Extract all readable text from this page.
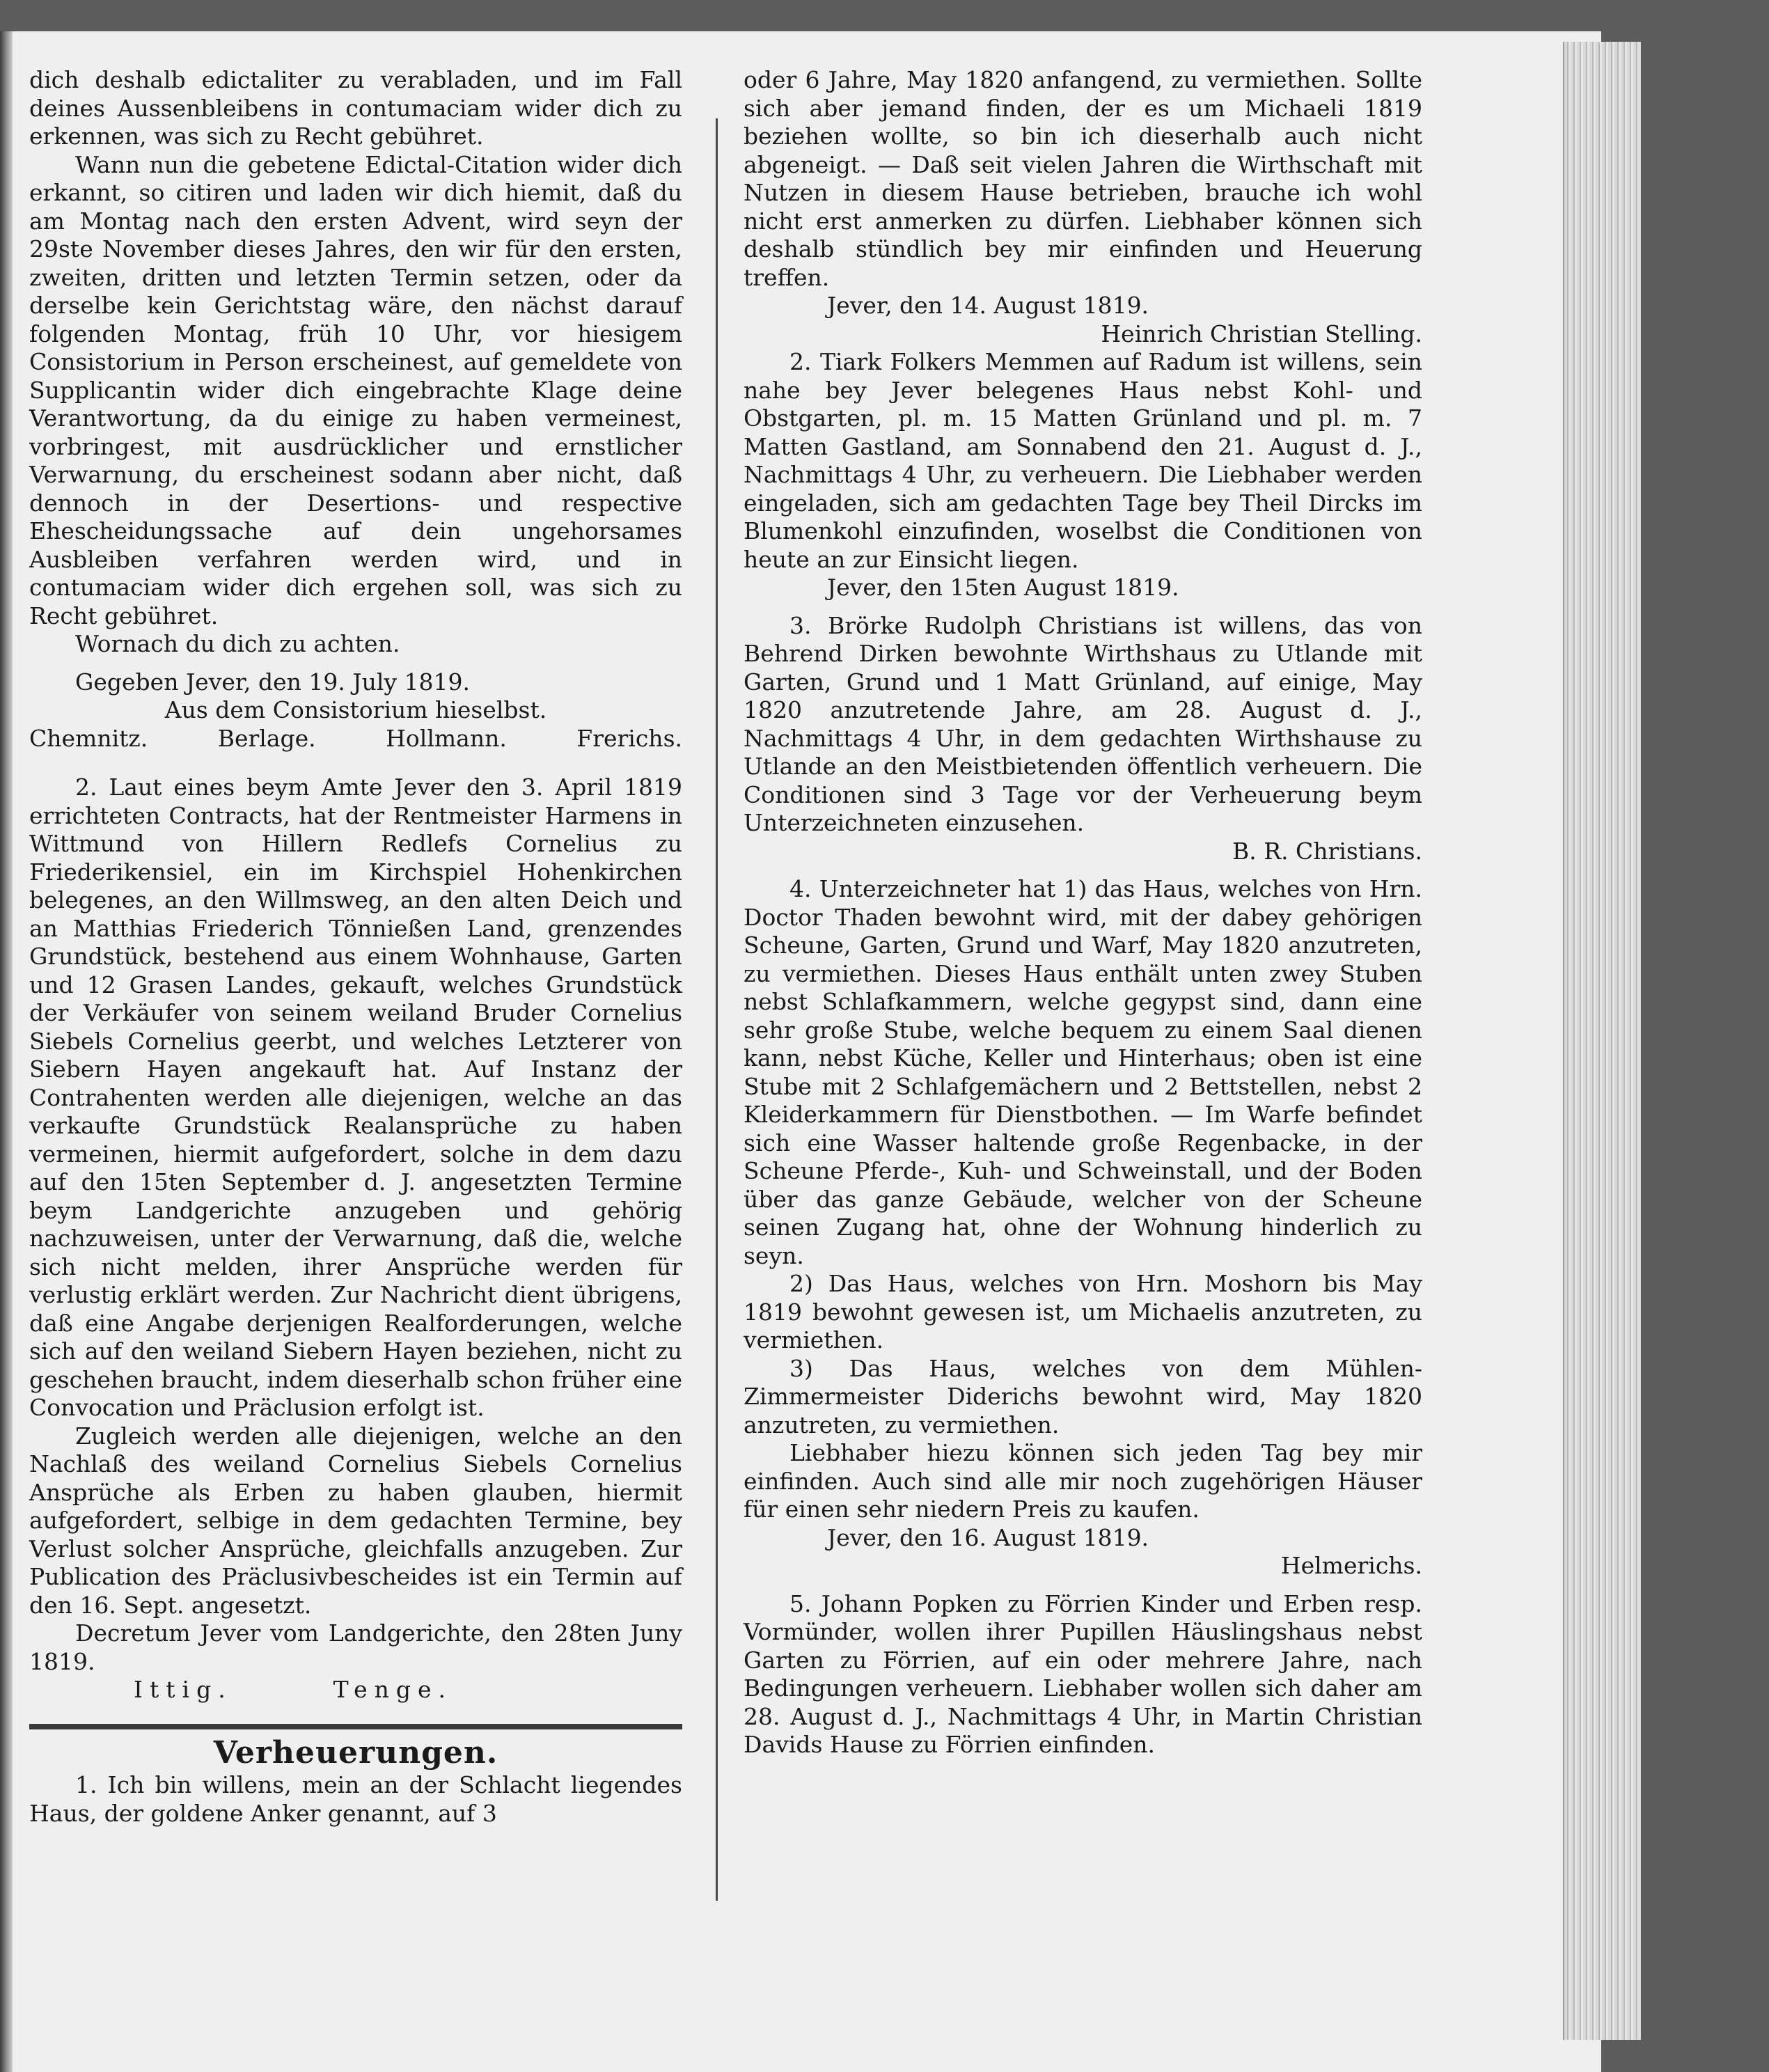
dich deshalb edictaliter zu verabladen, und im Fall deines Aussenbleibens in contumaciam wider dich zu erkennen, was sich zu Recht gebühret.

Wann nun die gebetene Edictal-Citation wider dich erkannt, so citiren und laden wir dich hiemit, daß du am Montag nach den ersten Advent, wird seyn der 29ste November dieses Jahres, den wir für den ersten, zweiten, dritten und letzten Termin setzen, oder da derselbe kein Gerichtstag wäre, den nächst darauf folgenden Montag, früh 10 Uhr, vor hiesigem Consistorium in Person erscheinest, auf gemeldete von Supplicantin wider dich eingebrachte Klage deine Verantwortung, da du einige zu haben vermeinest, vorbringest, mit ausdrücklicher und ernstlicher Verwarnung, du erscheinest sodann aber nicht, daß dennoch in der Desertions- und respective Ehescheidungssache auf dein ungehorsames Ausbleiben verfahren werden wird, und in contumaciam wider dich ergehen soll, was sich zu Recht gebühret.

Wornach du dich zu achten.

Gegeben Jever, den 19. July 1819.

Aus dem Consistorium hieselbst.

Chemnitz.	Berlage.	Hollmann.	Frerichs.

2. Laut eines beym Amte Jever den 3. April 1819 errichteten Contracts, hat der Rentmeister Harmens in Wittmund von Hillern Redlefs Cornelius zu Friederikensiel, ein im Kirchspiel Hohenkirchen belegenes, an den Willmsweg, an den alten Deich und an Matthias Friederich Tönnießen Land, grenzendes Grundstück, bestehend aus einem Wohnhause, Garten und 12 Grasen Landes, gekauft, welches Grundstück der Verkäufer von seinem weiland Bruder Cornelius Siebels Cornelius geerbt, und welches Letzterer von Siebern Hayen angekauft hat. Auf Instanz der Contrahenten werden alle diejenigen, welche an das verkaufte Grundstück Realansprüche zu haben vermeinen, hiermit aufgefordert, solche in dem dazu auf den 15ten September d. J. angesetzten Termine beym Landgerichte anzugeben und gehörig nachzuweisen, unter der Verwarnung, daß die, welche sich nicht melden, ihrer Ansprüche werden für verlustig erklärt werden. Zur Nachricht dient übrigens, daß eine Angabe derjenigen Realforderungen, welche sich auf den weiland Siebern Hayen beziehen, nicht zu geschehen braucht, indem dieserhalb schon früher eine Convocation und Präclusion erfolgt ist.

Zugleich werden alle diejenigen, welche an den Nachlaß des weiland Cornelius Siebels Cornelius Ansprüche als Erben zu haben glauben, hiermit aufgefordert, selbige in dem gedachten Termine, bey Verlust solcher Ansprüche, gleichfalls anzugeben. Zur Publication des Präclusivbescheides ist ein Termin auf den 16. Sept. angesetzt.

Decretum Jever vom Landgerichte, den 28ten Juny 1819.

Ittig.	Tenge.

Verheuerungen.

1. Ich bin willens, mein an der Schlacht liegendes Haus, der goldene Anker genannt, auf 3

oder 6 Jahre, May 1820 anfangend, zu vermiethen. Sollte sich aber jemand finden, der es um Michaeli 1819 beziehen wollte, so bin ich dieserhalb auch nicht abgeneigt. — Daß seit vielen Jahren die Wirthschaft mit Nutzen in diesem Hause betrieben, brauche ich wohl nicht erst anmerken zu dürfen. Liebhaber können sich deshalb stündlich bey mir einfinden und Heuerung treffen.

Jever, den 14. August 1819.

Heinrich Christian Stelling.

2. Tiark Folkers Memmen auf Radum ist willens, sein nahe bey Jever belegenes Haus nebst Kohl- und Obstgarten, pl. m. 15 Matten Grünland und pl. m. 7 Matten Gastland, am Sonnabend den 21. August d. J., Nachmittags 4 Uhr, zu verheuern. Die Liebhaber werden eingeladen, sich am gedachten Tage bey Theil Dircks im Blumenkohl einzufinden, woselbst die Conditionen von heute an zur Einsicht liegen.

Jever, den 15ten August 1819.

3. Brörke Rudolph Christians ist willens, das von Behrend Dirken bewohnte Wirthshaus zu Utlande mit Garten, Grund und 1 Matt Grünland, auf einige, May 1820 anzutretende Jahre, am 28. August d. J., Nachmittags 4 Uhr, in dem gedachten Wirthshause zu Utlande an den Meistbietenden öffentlich verheuern. Die Conditionen sind 3 Tage vor der Verheuerung beym Unterzeichneten einzusehen.

B. R. Christians.

4. Unterzeichneter hat 1) das Haus, welches von Hrn. Doctor Thaden bewohnt wird, mit der dabey gehörigen Scheune, Garten, Grund und Warf, May 1820 anzutreten, zu vermiethen. Dieses Haus enthält unten zwey Stuben nebst Schlafkammern, welche gegypst sind, dann eine sehr große Stube, welche bequem zu einem Saal dienen kann, nebst Küche, Keller und Hinterhaus; oben ist eine Stube mit 2 Schlafgemächern und 2 Bettstellen, nebst 2 Kleiderkammern für Dienstbothen. — Im Warfe befindet sich eine Wasser haltende große Regenbacke, in der Scheune Pferde-, Kuh- und Schweinstall, und der Boden über das ganze Gebäude, welcher von der Scheune seinen Zugang hat, ohne der Wohnung hinderlich zu seyn.

2) Das Haus, welches von Hrn. Moshorn bis May 1819 bewohnt gewesen ist, um Michaelis anzutreten, zu vermiethen.

3) Das Haus, welches von dem Mühlen-Zimmermeister Diderichs bewohnt wird, May 1820 anzutreten, zu vermiethen.

Liebhaber hiezu können sich jeden Tag bey mir einfinden. Auch sind alle mir noch zugehörigen Häuser für einen sehr niedern Preis zu kaufen.

Jever, den 16. August 1819.

Helmerichs.

5. Johann Popken zu Förrien Kinder und Erben resp. Vormünder, wollen ihrer Pupillen Häuslingshaus nebst Garten zu Förrien, auf ein oder mehrere Jahre, nach Bedingungen verheuern. Liebhaber wollen sich daher am 28. August d. J., Nachmittags 4 Uhr, in Martin Christian Davids Hause zu Förrien einfinden.
